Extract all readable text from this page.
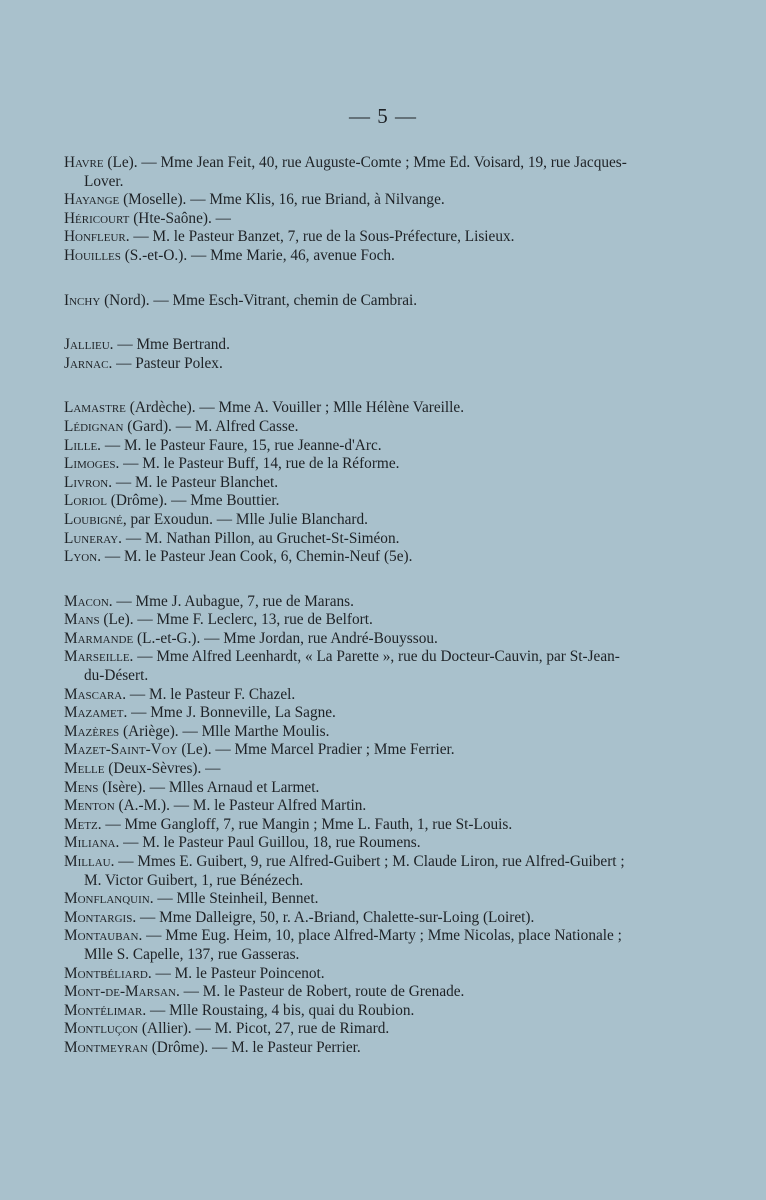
— 5 —

Havre (Le). — Mme Jean Feit, 40, rue Auguste-Comte ; Mme Ed. Voisard, 19, rue Jacques-Lover.

Hayange (Moselle). — Mme Klis, 16, rue Briand, à Nilvange.

Héricourt (Hte-Saône). —

Honfleur. — M. le Pasteur Banzet, 7, rue de la Sous-Préfecture, Lisieux.

Houilles (S.-et-O.). — Mme Marie, 46, avenue Foch.

Inchy (Nord). — Mme Esch-Vitrant, chemin de Cambrai.

Jallieu. — Mme Bertrand.

Jarnac. — Pasteur Polex.

Lamastre (Ardèche). — Mme A. Vouiller ; Mlle Hélène Vareille.

Lédignan (Gard). — M. Alfred Casse.

Lille. — M. le Pasteur Faure, 15, rue Jeanne-d'Arc.

Limoges. — M. le Pasteur Buff, 14, rue de la Réforme.

Livron. — M. le Pasteur Blanchet.

Loriol (Drôme). — Mme Bouttier.

Loubigné, par Exoudun. — Mlle Julie Blanchard.

Luneray. — M. Nathan Pillon, au Gruchet-St-Siméon.

Lyon. — M. le Pasteur Jean Cook, 6, Chemin-Neuf (5e).

Macon. — Mme J. Aubague, 7, rue de Marans.

Mans (Le). — Mme F. Leclerc, 13, rue de Belfort.

Marmande (L.-et-G.). — Mme Jordan, rue André-Bouyssou.

Marseille. — Mme Alfred Leenhardt, « La Parette », rue du Docteur-Cauvin, par St-Jean-du-Désert.

Mascara. — M. le Pasteur F. Chazel.

Mazamet. — Mme J. Bonneville, La Sagne.

Mazères (Ariège). — Mlle Marthe Moulis.

Mazet-Saint-Voy (Le). — Mme Marcel Pradier ; Mme Ferrier.

Melle (Deux-Sèvres). —

Mens (Isère). — Mlles Arnaud et Larmet.

Menton (A.-M.). — M. le Pasteur Alfred Martin.

Metz. — Mme Gangloff, 7, rue Mangin ; Mme L. Fauth, 1, rue St-Louis.

Miliana. — M. le Pasteur Paul Guillou, 18, rue Roumens.

Millau. — Mmes E. Guibert, 9, rue Alfred-Guibert ; M. Claude Liron, rue Alfred-Guibert ; M. Victor Guibert, 1, rue Bénézech.

Monflanquin. — Mlle Steinheil, Bennet.

Montargis. — Mme Dalleigre, 50, r. A.-Briand, Chalette-sur-Loing (Loiret).

Montauban. — Mme Eug. Heim, 10, place Alfred-Marty ; Mme Nicolas, place Nationale ; Mlle S. Capelle, 137, rue Gasseras.

Montbéliard. — M. le Pasteur Poincenot.

Mont-de-Marsan. — M. le Pasteur de Robert, route de Grenade.

Montélimar. — Mlle Roustaing, 4 bis, quai du Roubion.

Montluçon (Allier). — M. Picot, 27, rue de Rimard.

Montmeyran (Drôme). — M. le Pasteur Perrier.
